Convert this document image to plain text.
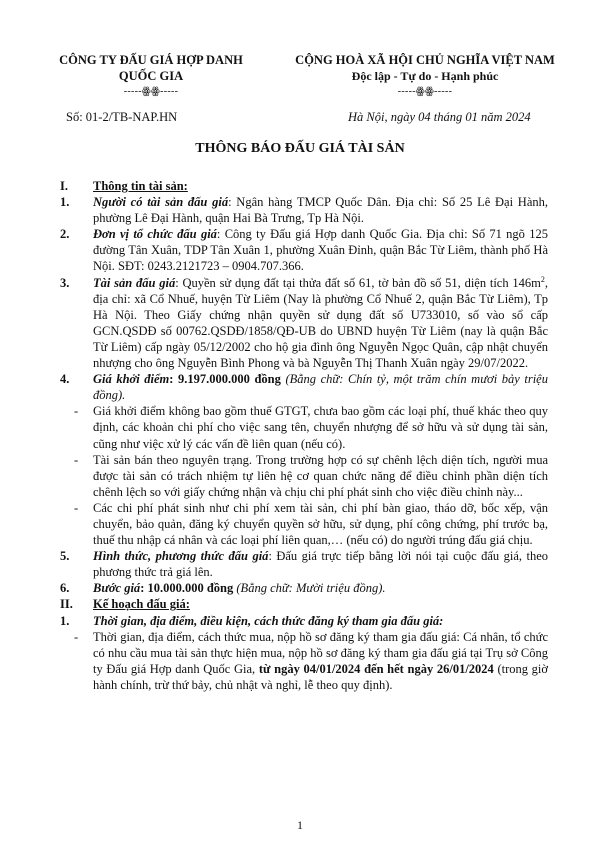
CÔNG TY ĐẤU GIÁ HỢP DANH
QUỐC GIA
-----ꙮꙮ-----
CỘNG HOÀ XÃ HỘI CHỦ NGHĨA VIỆT NAM
Độc lập - Tự do - Hạnh phúc
-----ꙮꙮ-----
Số: 01-2/TB-NAP.HN	Hà Nội, ngày 04 tháng 01 năm 2024
THÔNG BÁO ĐẤU GIÁ TÀI SẢN
I.	Thông tin tài sản:
1.	Người có tài sản đấu giá: Ngân hàng TMCP Quốc Dân. Địa chỉ: Số 25 Lê Đại Hành, phường Lê Đại Hành, quận Hai Bà Trưng, Tp Hà Nội.
2.	Đơn vị tổ chức đấu giá: Công ty Đấu giá Hợp danh Quốc Gia. Địa chỉ: Số 71 ngõ 125 đường Tân Xuân, TDP Tân Xuân 1, phường Xuân Đỉnh, quận Bắc Từ Liêm, thành phố Hà Nội. SĐT: 0243.2121723 – 0904.707.366.
3.	Tài sản đấu giá: Quyền sử dụng đất tại thửa đất số 61, tờ bản đồ số 51, diện tích $146m^2$, địa chỉ: xã Cổ Nhuế, huyện Từ Liêm (Nay là phường Cổ Nhuế 2, quận Bắc Từ Liêm), Tp Hà Nội. Theo Giấy chứng nhận quyền sử dụng đất số U733010, số vào sổ cấp GCN.QSDĐ số 00762.QSDĐ/1858/QĐ-UB do UBND huyện Từ Liêm (nay là quận Bắc Từ Liêm) cấp ngày 05/12/2002 cho hộ gia đình ông Nguyễn Ngọc Quân, cập nhật chuyển nhượng cho ông Nguyễn Bình Phong và bà Nguyễn Thị Thanh Xuân ngày 29/07/2022.
4.	Giá khởi điểm: 9.197.000.000 đồng (Bằng chữ: Chín tỷ, một trăm chín mươi bảy triệu đồng).
-	Giá khởi điểm không bao gồm thuế GTGT, chưa bao gồm các loại phí, thuế khác theo quy định, các khoản chi phí cho việc sang tên, chuyển nhượng để sở hữu và sử dụng tài sản, cũng như việc xử lý các vấn đề liên quan (nếu có).
-	Tài sản bán theo nguyên trạng. Trong trường hợp có sự chênh lệch diện tích, người mua được tài sản có trách nhiệm tự liên hệ cơ quan chức năng để điều chỉnh phần diện tích chênh lệch so với giấy chứng nhận và chịu chi phí phát sinh cho việc điều chỉnh này...
-	Các chi phí phát sinh như chi phí xem tài sản, chi phí bàn giao, tháo dỡ, bốc xếp, vận chuyển, bảo quản, đăng ký chuyển quyền sở hữu, sử dụng, phí công chứng, phí trước bạ, thuế thu nhập cá nhân và các loại phí liên quan,… (nếu có) do người trúng đấu giá chịu.
5.	Hình thức, phương thức đấu giá: Đấu giá trực tiếp bằng lời nói tại cuộc đấu giá, theo phương thức trả giá lên.
6.	Bước giá: 10.000.000 đồng (Bằng chữ: Mười triệu đồng).
II.	Kế hoạch đấu giá:
1.	Thời gian, địa điểm, điều kiện, cách thức đăng ký tham gia đấu giá:
-	Thời gian, địa điểm, cách thức mua, nộp hồ sơ đăng ký tham gia đấu giá: Cá nhân, tổ chức có nhu cầu mua tài sản thực hiện mua, nộp hồ sơ đăng ký tham gia đấu giá tại Trụ sở Công ty Đấu giá Hợp danh Quốc Gia, từ ngày 04/01/2024 đến hết ngày 26/01/2024 (trong giờ hành chính, trừ thứ bảy, chủ nhật và nghỉ, lễ theo quy định).
1
